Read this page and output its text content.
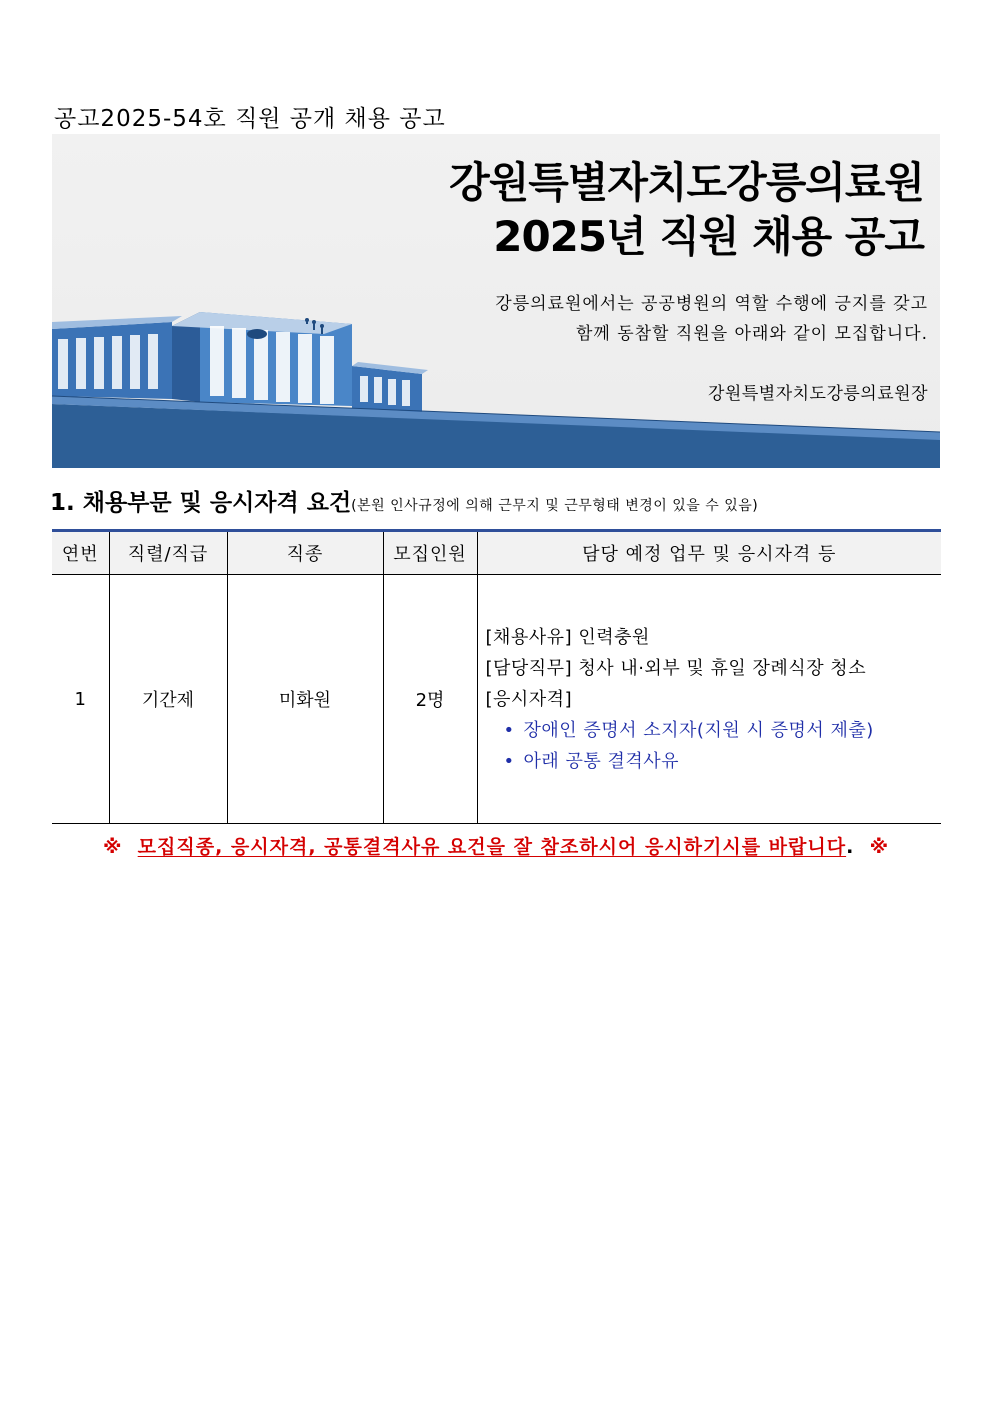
공고2025-54호 직원 공개 채용 공고
강원특별자치도강릉의료원
2025년 직원 채용 공고
강릉의료원에서는 공공병원의 역할 수행에 긍지를 갖고
함께 동참할 직원을 아래와 같이 모집합니다.
강원특별자치도강릉의료원장
1. 채용부문 및 응시자격 요건(본원 인사규정에 의해 근무지 및 근무형태 변경이 있을 수 있음)
연번	직렬/직급	직종	모집인원	담당 예정 업무 및 응시자격 등
1	기간제	미화원	2명	[채용사유] 인력충원
[담당직무] 청사 내·외부 및 휴일 장례식장 청소
[응시자격]
• 장애인 증명서 소지자(지원 시 증명서 제출)
• 아래 공통 결격사유
※ 모집직종, 응시자격, 공통결격사유 요건을 잘 참조하시어 응시하기시를 바랍니다. ※
